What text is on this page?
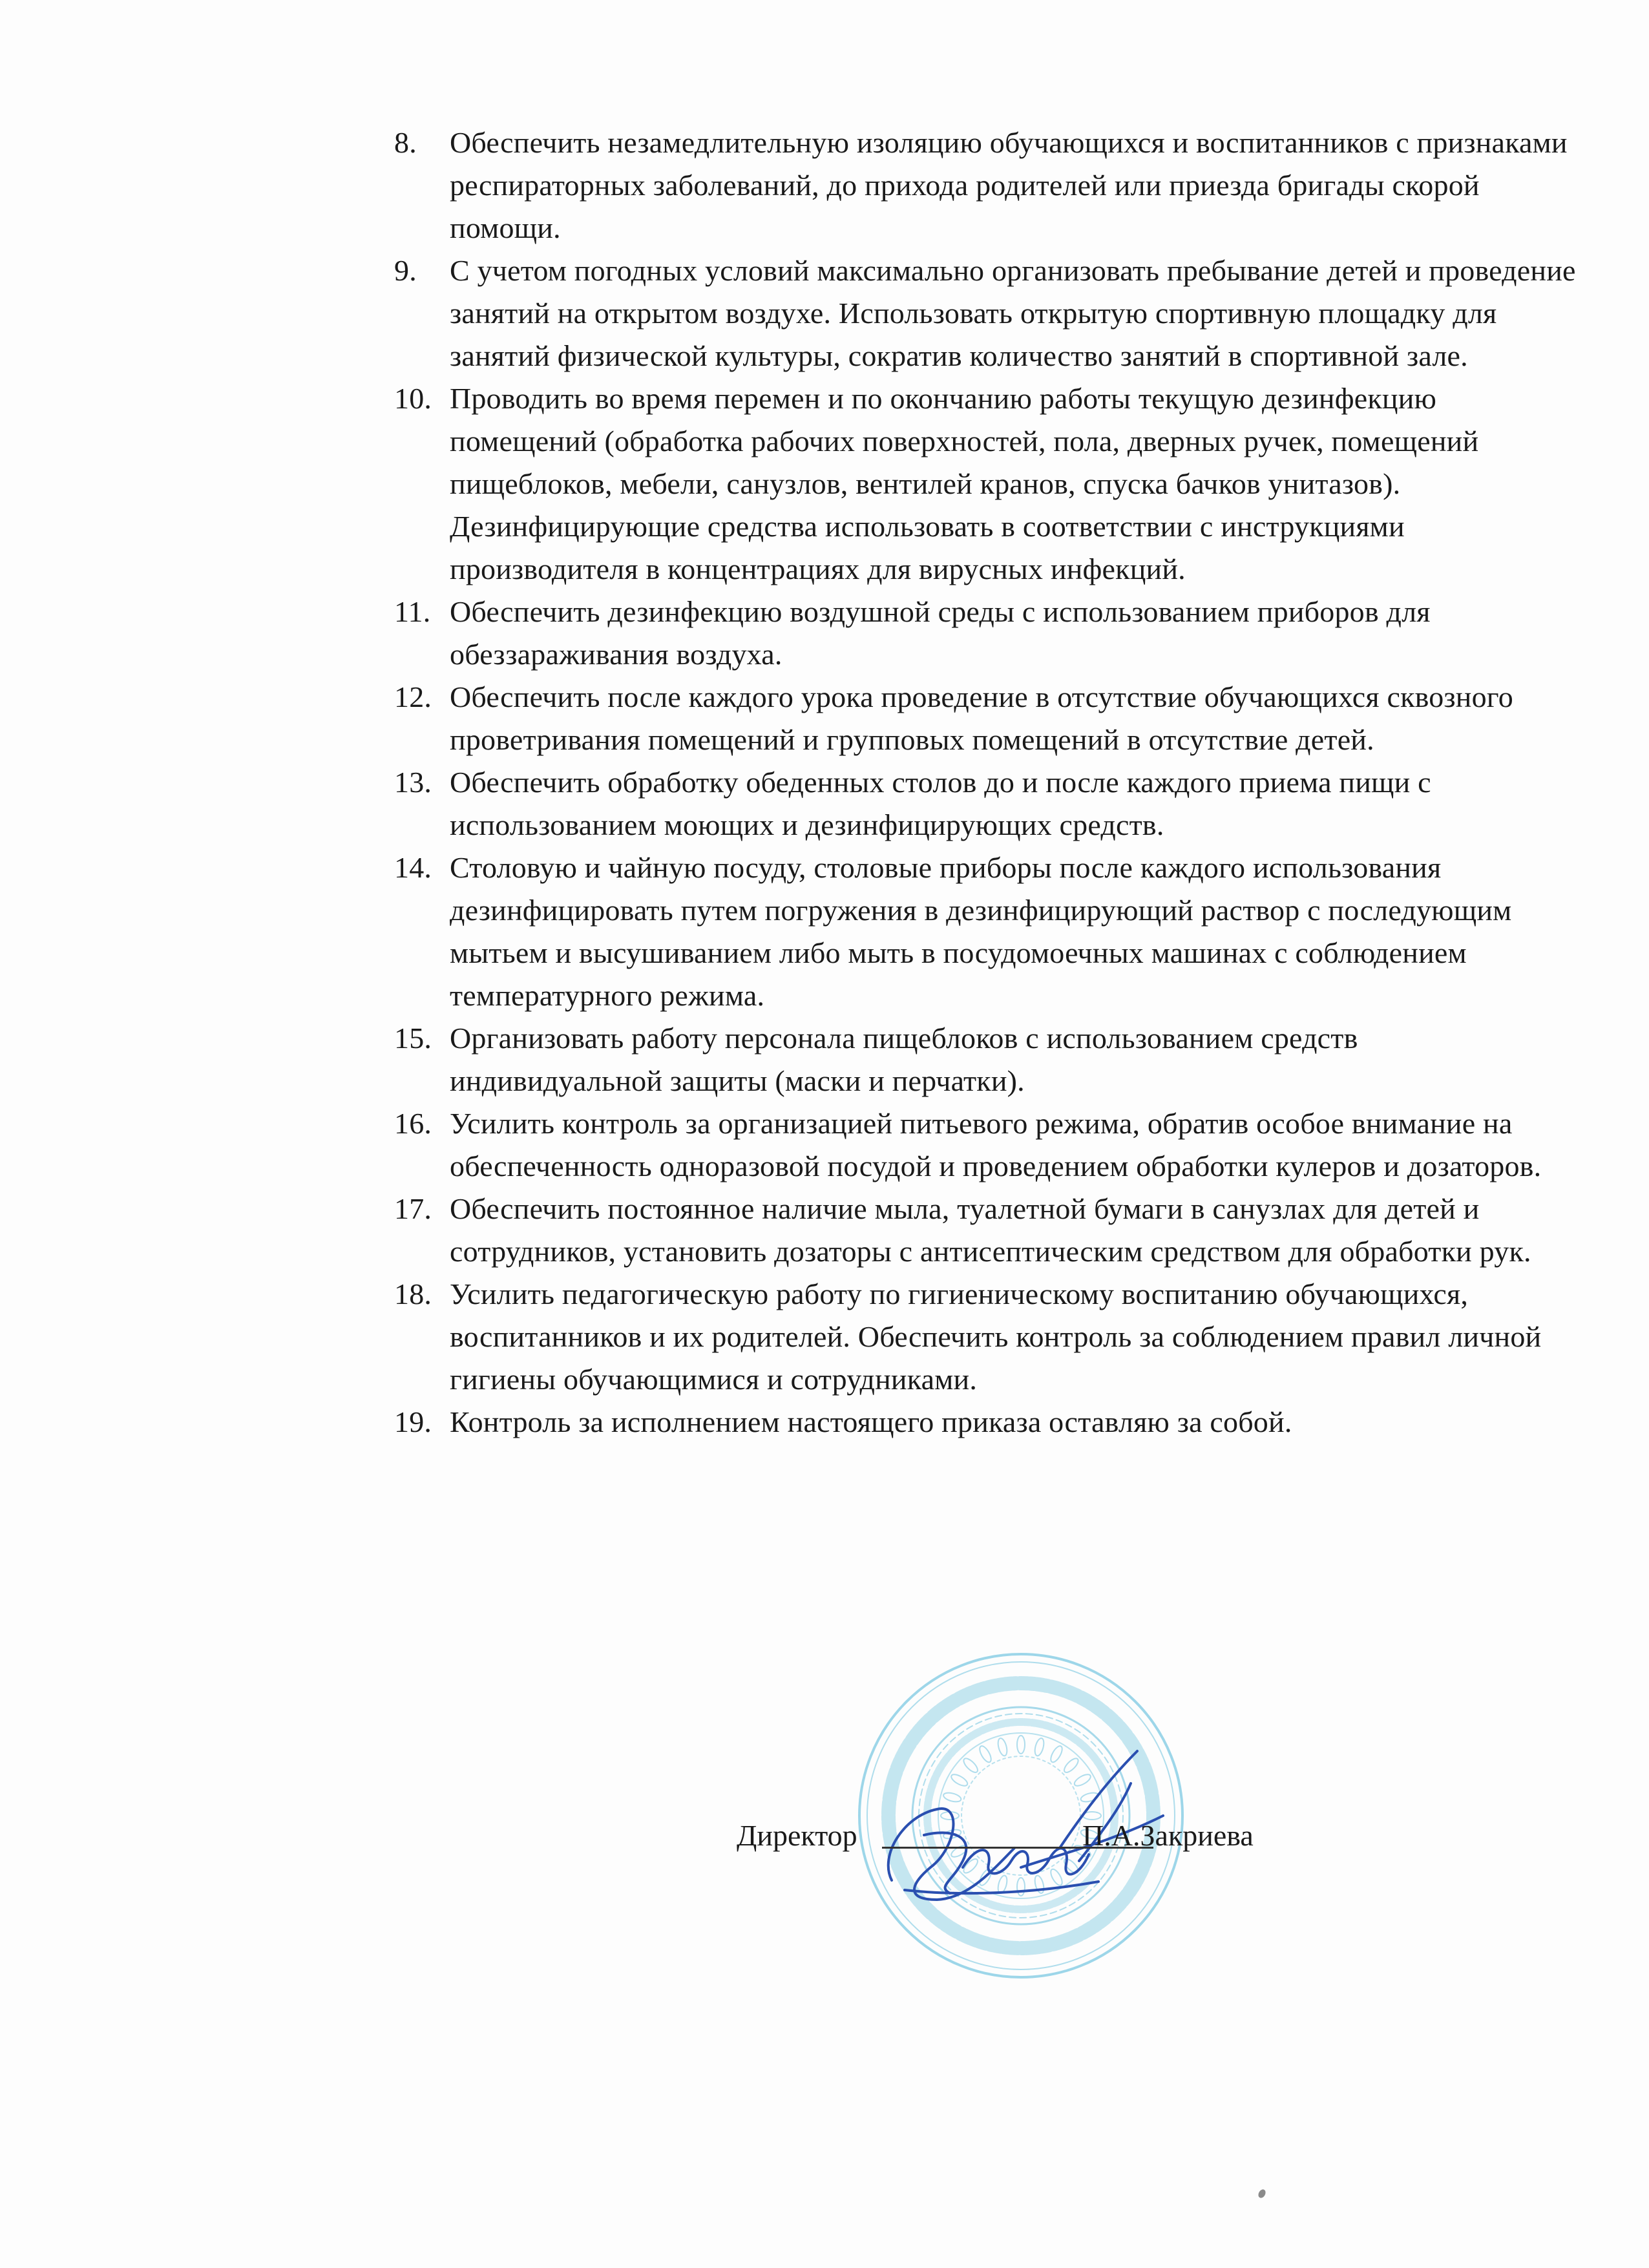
8. Обеспечить незамедлительную изоляцию обучающихся и воспитанников с признаками респираторных заболеваний, до прихода родителей или приезда бригады скорой помощи.
9. С учетом погодных условий максимально организовать пребывание детей и проведение занятий на открытом воздухе. Использовать открытую спортивную площадку для занятий физической культуры, сократив количество занятий в спортивной зале.
10. Проводить во время перемен и по окончанию работы текущую дезинфекцию помещений (обработка рабочих поверхностей, пола, дверных ручек, помещений пищеблоков, мебели, санузлов, вентилей кранов, спуска бачков унитазов). Дезинфицирующие средства использовать в соответствии с инструкциями производителя в концентрациях для вирусных инфекций.
11. Обеспечить дезинфекцию воздушной среды с использованием приборов для обеззараживания воздуха.
12. Обеспечить после каждого урока проведение в отсутствие обучающихся сквозного проветривания помещений и групповых помещений в отсутствие детей.
13. Обеспечить обработку обеденных столов до и после каждого приема пищи с использованием моющих и дезинфицирующих средств.
14. Столовую и чайную посуду, столовые приборы после каждого использования дезинфицировать путем погружения в дезинфицирующий раствор с последующим мытьем и высушиванием либо мыть в посудомоечных машинах с соблюдением температурного режима.
15. Организовать работу персонала пищеблоков с использованием средств индивидуальной защиты (маски и перчатки).
16. Усилить контроль за организацией питьевого режима, обратив особое внимание на обеспеченность одноразовой посудой и проведением обработки кулеров и дозаторов.
17. Обеспечить постоянное наличие мыла, туалетной бумаги в санузлах для детей и сотрудников, установить дозаторы с антисептическим средством для обработки рук.
18. Усилить педагогическую работу по гигиеническому воспитанию обучающихся, воспитанников и их родителей. Обеспечить контроль за соблюдением правил личной гигиены обучающимися и сотрудниками.
19. Контроль за исполнением настоящего приказа оставляю за собой.
Директор	П.А.Закриева
